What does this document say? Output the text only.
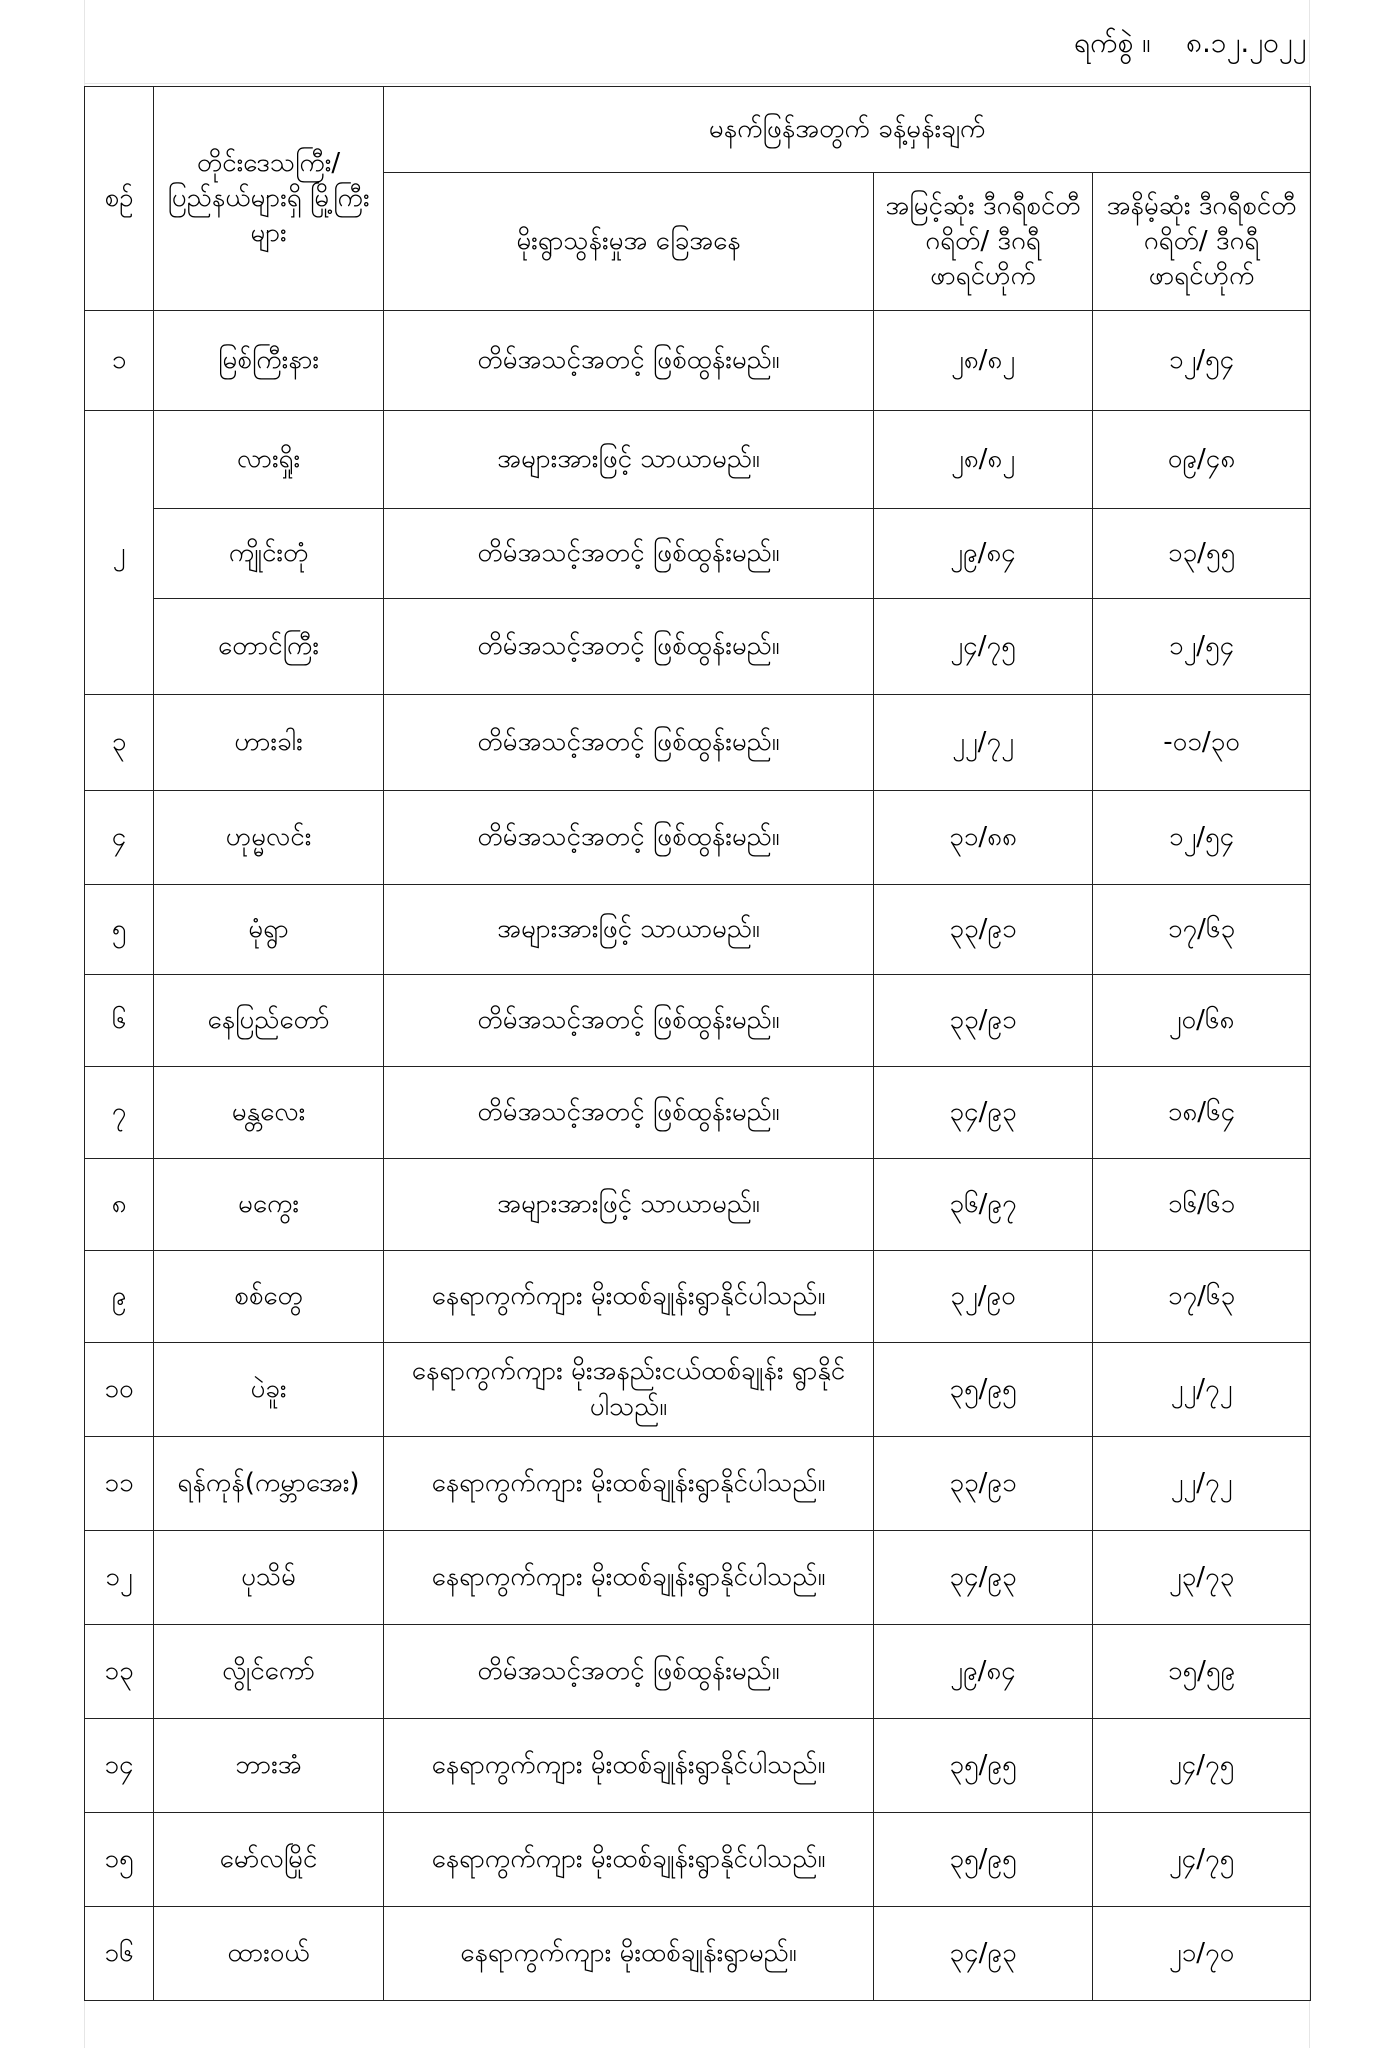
ရက်စွဲ ။ ၈.၁၂.၂၀၂၂
စဉ်	တိုင်းဒေသကြီး/ ပြည်နယ်များရှိ မြို့ကြီးများ	မနက်ဖြန်အတွက် ခန့်မှန်းချက်		
		မိုးရွာသွန်းမှုအ ခြေအနေ	အမြင့်ဆုံး ဒီဂရီစင်တီဂရိတ်/ ဒီဂရီဖာရင်ဟိုက်	အနိမ့်ဆုံး ဒီဂရီစင်တီဂရိတ်/ ဒီဂရီဖာရင်ဟိုက်
၁	မြစ်ကြီးနား	တိမ်အသင့်အတင့် ဖြစ်ထွန်းမည်။	၂၈/၈၂	၁၂/၅၄
၂	လားရှိုး	အများအားဖြင့် သာယာမည်။	၂၈/၈၂	၀၉/၄၈
	ကျိုင်းတုံ	တိမ်အသင့်အတင့် ဖြစ်ထွန်းမည်။	၂၉/၈၄	၁၃/၅၅
	တောင်ကြီး	တိမ်အသင့်အတင့် ဖြစ်ထွန်းမည်။	၂၄/၇၅	၁၂/၅၄
၃	ဟားခါး	တိမ်အသင့်အတင့် ဖြစ်ထွန်းမည်။	၂၂/၇၂	-၀၁/၃၀
၄	ဟုမ္မလင်း	တိမ်အသင့်အတင့် ဖြစ်ထွန်းမည်။	၃၁/၈၈	၁၂/၅၄
၅	မုံရွာ	အများအားဖြင့် သာယာမည်။	၃၃/၉၁	၁၇/၆၃
၆	နေပြည်တော်	တိမ်အသင့်အတင့် ဖြစ်ထွန်းမည်။	၃၃/၉၁	၂၀/၆၈
၇	မန္တလေး	တိမ်အသင့်အတင့် ဖြစ်ထွန်းမည်။	၃၄/၉၃	၁၈/၆၄
၈	မကွေး	အများအားဖြင့် သာယာမည်။	၃၆/၉၇	၁၆/၆၁
၉	စစ်တွေ	နေရာကွက်ကျား မိုးထစ်ချုန်းရွာနိုင်ပါသည်။	၃၂/၉၀	၁၇/၆၃
၁၀	ပဲခူး	နေရာကွက်ကျား မိုးအနည်းငယ်ထစ်ချုန်း ရွာနိုင်ပါသည်။	၃၅/၉၅	၂၂/၇၂
၁၁	ရန်ကုန်(ကမ္ဘာအေး)	နေရာကွက်ကျား မိုးထစ်ချုန်းရွာနိုင်ပါသည်။	၃၃/၉၁	၂၂/၇၂
၁၂	ပုသိမ်	နေရာကွက်ကျား မိုးထစ်ချုန်းရွာနိုင်ပါသည်။	၃၄/၉၃	၂၃/၇၃
၁၃	လွိုင်ကော်	တိမ်အသင့်အတင့် ဖြစ်ထွန်းမည်။	၂၉/၈၄	၁၅/၅၉
၁၄	ဘားအံ	နေရာကွက်ကျား မိုးထစ်ချုန်းရွာနိုင်ပါသည်။	၃၅/၉၅	၂၄/၇၅
၁၅	မော်လမြိုင်	နေရာကွက်ကျား မိုးထစ်ချုန်းရွာနိုင်ပါသည်။	၃၅/၉၅	၂၄/၇၅
၁၆	ထားဝယ်	နေရာကွက်ကျား မိုးထစ်ချုန်းရွာမည်။	၃၄/၉၃	၂၁/၇၀
